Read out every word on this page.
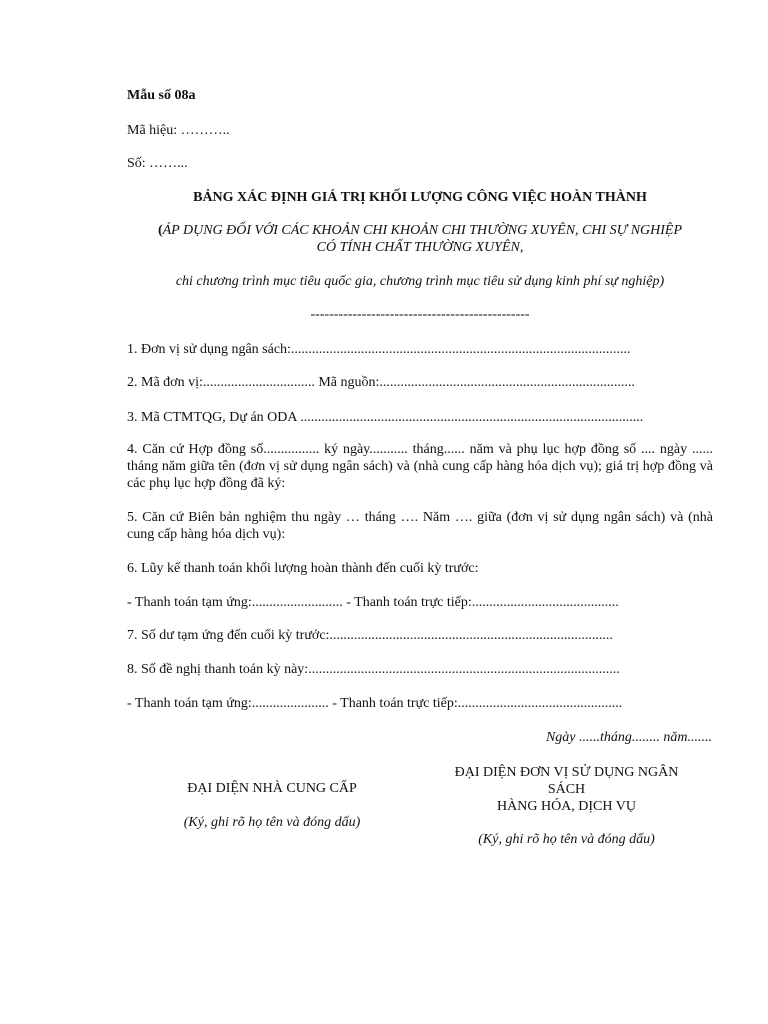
Mẫu số 08a
Mã hiệu: ………..
Số: ……...
BẢNG XÁC ĐỊNH GIÁ TRỊ KHỐI LƯỢNG CÔNG VIỆC HOÀN THÀNH
(ÁP DỤNG ĐỐI VỚI CÁC KHOẢN CHI KHOẢN CHI THƯỜNG XUYÊN, CHI SỰ NGHIỆP
CÓ TÍNH CHẤT THƯỜNG XUYÊN,
chi chương trình mục tiêu quốc gia, chương trình mục tiêu sử dụng kinh phí sự nghiệp)
-----------------------------------------------
1. Đơn vị sử dụng ngân sách:.................................................................................................
2. Mã đơn vị:................................ Mã nguồn:.........................................................................
3. Mã CTMTQG, Dự án ODA ..................................................................................................
4. Căn cứ Hợp đồng số................ ký ngày........... tháng...... năm và phụ lục hợp đồng số .... ngày ...... tháng năm giữa tên (đơn vị sử dụng ngân sách) và (nhà cung cấp hàng hóa dịch vụ); giá trị hợp đồng và các phụ lục hợp đồng đã ký:
5. Căn cứ Biên bản nghiệm thu ngày … tháng …. Năm …. giữa (đơn vị sử dụng ngân sách) và (nhà cung cấp hàng hóa dịch vụ):
6. Lũy kế thanh toán khối lượng hoàn thành đến cuối kỳ trước:
- Thanh toán tạm ứng:.......................... - Thanh toán trực tiếp:..........................................
7. Số dư tạm ứng đến cuối kỳ trước:.................................................................................
8. Số đề nghị thanh toán kỳ này:.........................................................................................
- Thanh toán tạm ứng:...................... - Thanh toán trực tiếp:...............................................
Ngày ......tháng........ năm.......
ĐẠI DIỆN NHÀ CUNG CẤP
(Ký, ghi rõ họ tên và đóng dấu)
ĐẠI DIỆN ĐƠN VỊ SỬ DỤNG NGÂN
SÁCH
HÀNG HÓA, DỊCH VỤ
(Ký, ghi rõ họ tên và đóng dấu)
